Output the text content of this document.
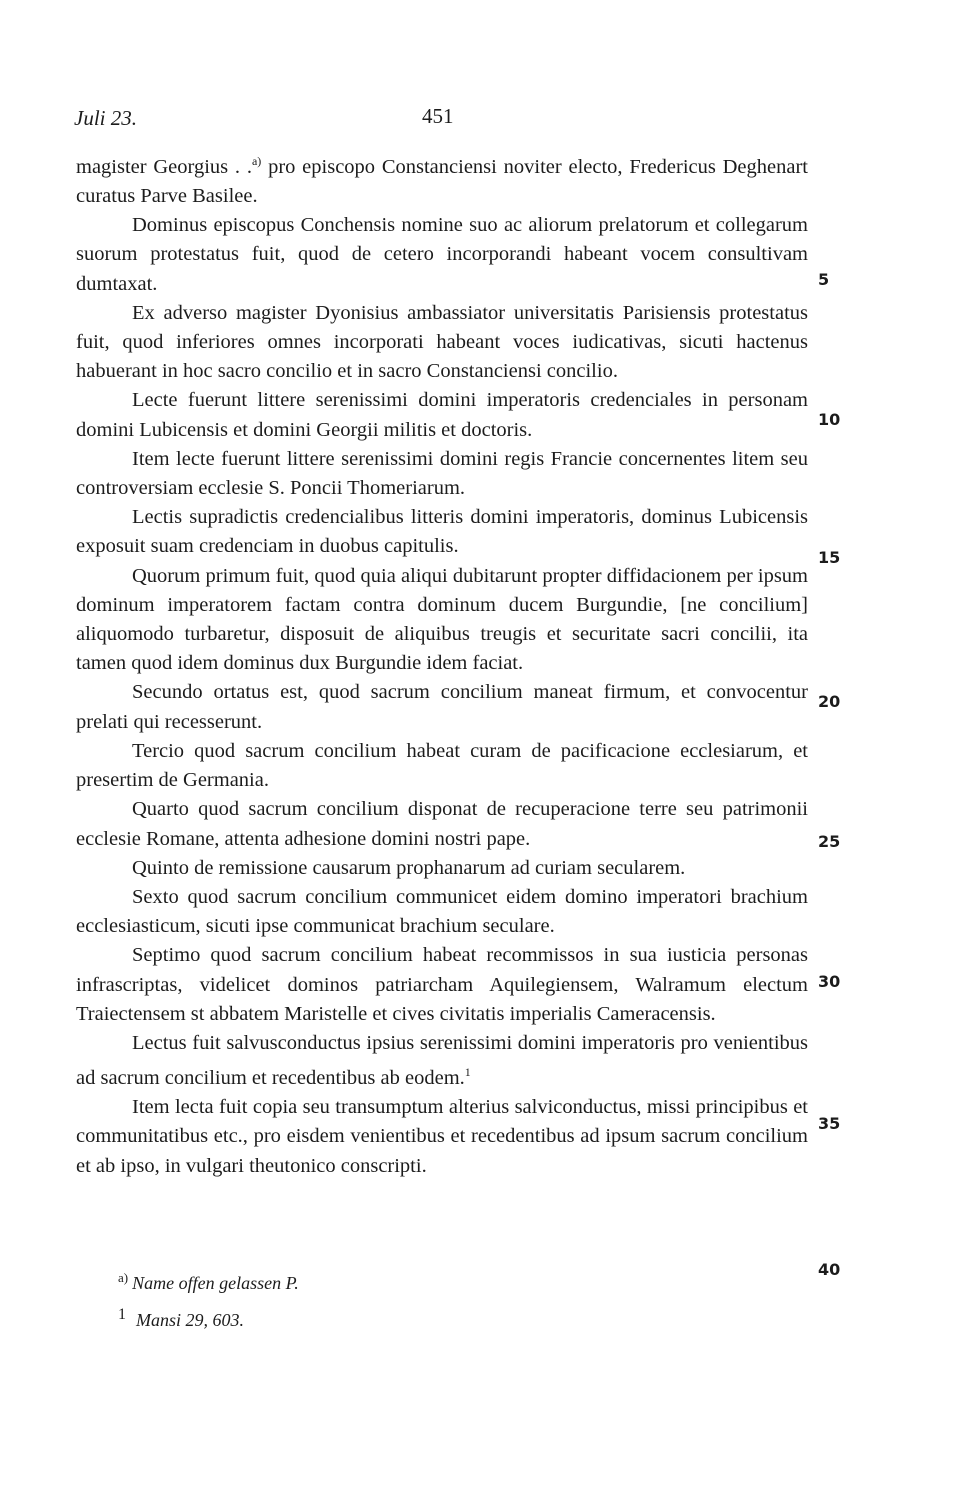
Juli 23.	451

magister Georgius . .$^{a)}$ pro episcopo Constanciensi noviter electo, Fredericus Deghenart curatus Parve Basilee.

Dominus episcopus Conchensis nomine suo ac aliorum prelatorum et collegarum suorum protestatus fuit, quod de cetero incorporandi habeant vocem consultivam dumtaxat.

Ex adverso magister Dyonisius ambassiator universitatis Parisiensis protestatus fuit, quod inferiores omnes incorporati habeant voces iudicativas, sicuti hactenus habuerant in hoc sacro concilio et in sacro Constanciensi concilio.

Lecte fuerunt littere serenissimi domini imperatoris credenciales in personam domini Lubicensis et domini Georgii militis et doctoris.

Item lecte fuerunt littere serenissimi domini regis Francie concernentes litem seu controversiam ecclesie S. Poncii Thomeriarum.

Lectis supradictis credencialibus litteris domini imperatoris, dominus Lubicensis exposuit suam credenciam in duobus capitulis.

Quorum primum fuit, quod quia aliqui dubitarunt propter diffidacionem per ipsum dominum imperatorem factam contra dominum ducem Burgundie, [ne concilium] aliquomodo turbaretur, disposuit de aliquibus treugis et securitate sacri concilii, ita tamen quod idem dominus dux Burgundie idem faciat.

Secundo ortatus est, quod sacrum concilium maneat firmum, et convocentur prelati qui recesserunt.

Tercio quod sacrum concilium habeat curam de pacificacione ecclesiarum, et presertim de Germania.

Quarto quod sacrum concilium disponat de recuperacione terre seu patrimonii ecclesie Romane, attenta adhesione domini nostri pape.

Quinto de remissione causarum prophanarum ad curiam secularem.

Sexto quod sacrum concilium communicet eidem domino imperatori brachium ecclesiasticum, sicuti ipse communicat brachium seculare.

Septimo quod sacrum concilium habeat recommissos in sua iusticia personas infrascriptas, videlicet dominos patriarcham Aquilegiensem, Walramum electum Traiectensem st abbatem Maristelle et cives civitatis imperialis Cameracensis.

Lectus fuit salvusconductus ipsius serenissimi domini imperatoris pro venientibus ad sacrum concilium et recedentibus ab eodem.$^1$

Item lecta fuit copia seu transumptum alterius salviconductus, missi principibus et communitatibus etc., pro eisdem venientibus et recedentibus ad ipsum sacrum concilium et ab ipso, in vulgari theutonico conscripti.

5
10
15
20
25
30
35
40
$^{a)}$ Name offen gelassen P.
1 Mansi 29, 603.
